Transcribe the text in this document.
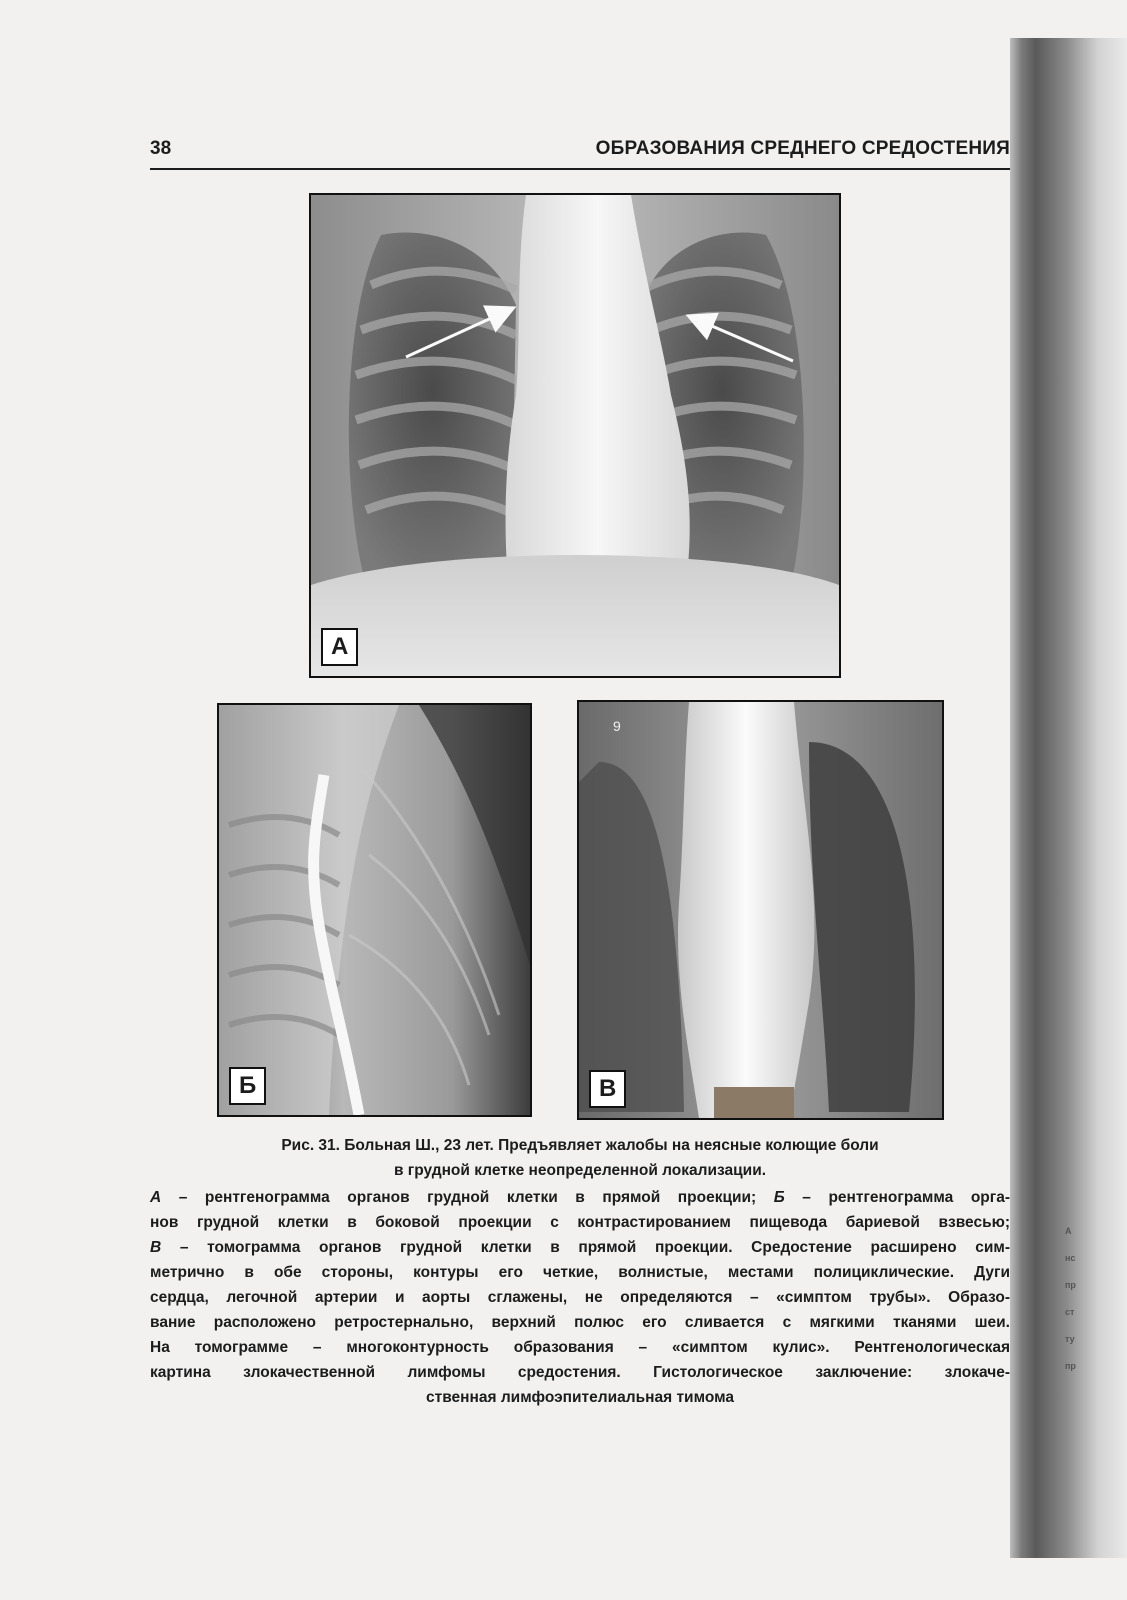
А
нс
пр
ст
ту
пр
38	ОБРАЗОВАНИЯ СРЕДНЕГО СРЕДОСТЕНИЯ
А
Б
9
В
Рис. 31. Больная Ш., 23 лет. Предъявляет жалобы на неясные колющие боли
в грудной клетке неопределенной локализации.
А – рентгенограмма органов грудной клетки в прямой проекции; Б – рентгенограмма орга-
нов грудной клетки в боковой проекции с контрастированием пищевода бариевой взвесью;
В – томограмма органов грудной клетки в прямой проекции. Средостение расширено сим-
метрично в обе стороны, контуры его четкие, волнистые, местами полициклические. Дуги
сердца, легочной артерии и аорты сглажены, не определяются – «симптом трубы». Образо-
вание расположено ретростернально, верхний полюс его сливается с мягкими тканями шеи.
На томограмме – многоконтурность образования – «симптом кулис». Рентгенологическая
картина злокачественной лимфомы средостения. Гистологическое заключение: злокаче-
ственная лимфоэпителиальная тимома
